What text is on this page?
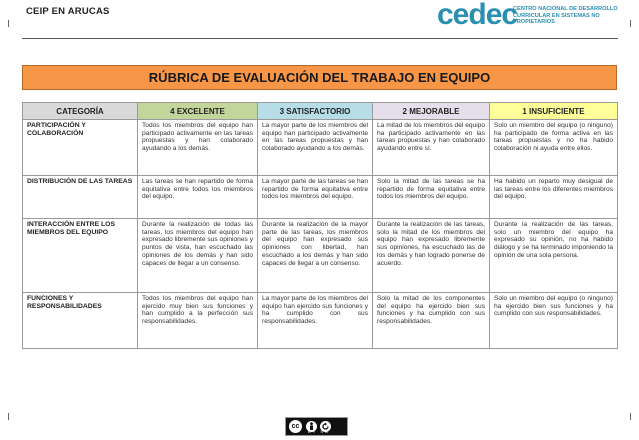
CEIP EN ARUCAS	cedec
CENTRO NACIONAL DE DESARROLLO CURRICULAR EN SISTEMAS NO PROPIETARIOS
RÚBRICA DE EVALUACIÓN DEL TRABAJO EN EQUIPO
CATEGORÍA	4 EXCELENTE	3 SATISFACTORIO	2 MEJORABLE	1 INSUFICIENTE
PARTICIPACIÓN Y COLABORACIÓN	Todos los miembros del equipo han participado activamente en las tareas propuestas y han colaborado ayudando a los demás.	La mayor parte de los miembros del equipo han participado activamente en las tareas propuestas y han colaborado ayudando a los demás.	La mitad de los miembros del equipo ha participado activamente en las tareas propuestas y han colaborado ayudando entre sí.	Solo un miembro del equipo (o ninguno) ha participado de forma activa en las tareas propuestas y no ha habido colaboración ni ayuda entre ellos.
DISTRIBUCIÓN DE LAS TAREAS	Las tareas se han repartido de forma equitativa entre todos los miembros del equipo.	La mayor parte de las tareas se han repartido de forma equitativa entre todos los miembros del equipo.	Solo la mitad de las tareas se ha repartido de forma equitativa entre todos los miembros del equipo.	Ha habido un reparto muy desigual de las tareas entre los diferentes miembros del equipo.
INTERACCIÓN ENTRE LOS MIEMBROS DEL EQUIPO	Durante la realización de todas las tareas, los miembros del equipo han expresado libremente sus opiniones y puntos de vista, han escuchado las opiniones de los demás y han sido capaces de llegar a un consenso.	Durante la realización de la mayor parte de las tareas, los miembros del equipo han expresado sus opiniones con libertad, han escuchado a los demás y han sido capaces de llegar a un consenso.	Durante la realización de las tareas, solo la mitad de los miembros del equipo han expresado libremente sus opiniones, ha escuchado las de los demás y han logrado ponerse de acuerdo.	Durante la realización de las tareas, solo un miembro del equipo ha expresado su opinión, no ha habido diálogo y se ha terminado imponiendo la opinión de una sola persona.
FUNCIONES Y RESPONSABILIDADES	Todos los miembros del equipo han ejercido muy bien sus funciones y han cumplido a la perfección sus responsabilidades.	La mayor parte de los miembros del equipo han ejercido sus funciones y ha cumplido con sus responsabilidades.	Solo la mitad de los componentes del equipo ha ejercido bien sus funciones y ha cumplido con sus responsabilidades.	Solo un miembro del equipo (o ninguno) ha ejercido bien sus funciones y ha cumplido con sus responsabilidades.
cc
BY SA
